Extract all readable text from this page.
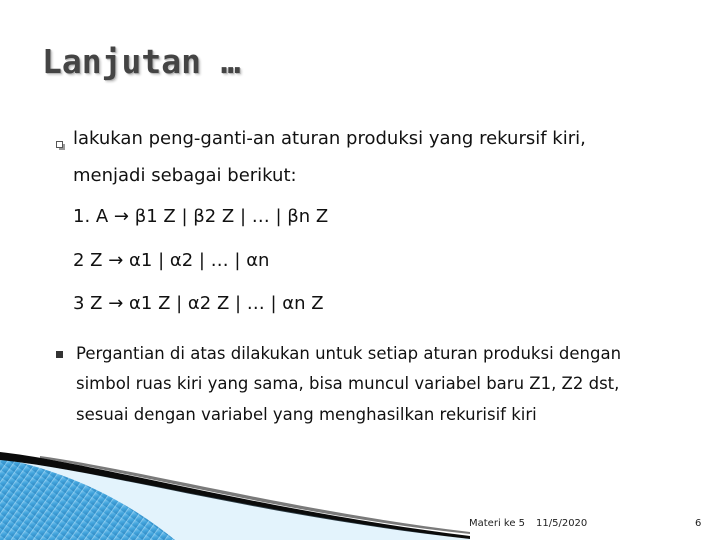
Lanjutan …
lakukan peng-ganti-an aturan produksi yang rekursif kiri,
menjadi sebagai berikut:
1. A → β1 Z | β2 Z | … | βn Z
2 Z → α1 | α2 | … | αn
3 Z → α1 Z | α2 Z | … | αn Z
Pergantian di atas dilakukan untuk setiap aturan produksi dengan
simbol ruas kiri yang sama, bisa muncul variabel baru Z1, Z2 dst,
sesuai dengan variabel yang menghasilkan rekurisif kiri
Materi ke 5 11/5/2020	6
